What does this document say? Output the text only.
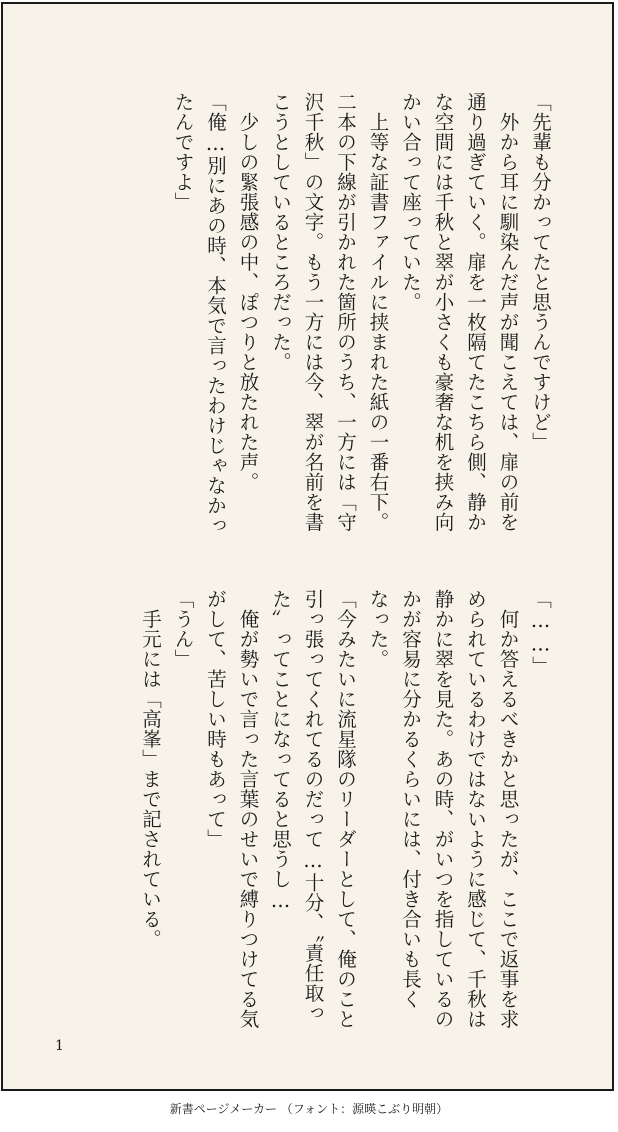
「先輩も分かってたと思うんですけど」
　外から耳に馴染んだ声が聞こえては、扉の前を
通り過ぎていく。扉を一枚隔てたこちら側、静か
な空間には千秋と翠が小さくも豪奢な机を挟み向
かい合って座っていた。
　上等な証書ファイルに挟まれた紙の一番右下。
二本の下線が引かれた箇所のうち、一方には「守
沢千秋」の文字。もう一方には今、翠が名前を書
こうとしているところだった。
　少しの緊張感の中、ぽつりと放たれた声。
「俺…別にあの時、本気で言ったわけじゃなかっ
たんですよ」
「……」
　何か答えるべきかと思ったが、ここで返事を求
められているわけではないように感じて、千秋は
静かに翠を見た。あの時、がいつを指しているの
かが容易に分かるくらいには、付き合いも長く
なった。
「今みたいに流星隊のリーダーとして、俺のこと
引っ張ってくれてるのだって…十分、〝責任取っ
た〟ってことになってると思うし…
　俺が勢いで言った言葉のせいで縛りつけてる気
がして、苦しい時もあって」
「うん」
　手元には「高峯」まで記されている。
1
新書ページメーカー （フォント：源暎こぶり明朝）
